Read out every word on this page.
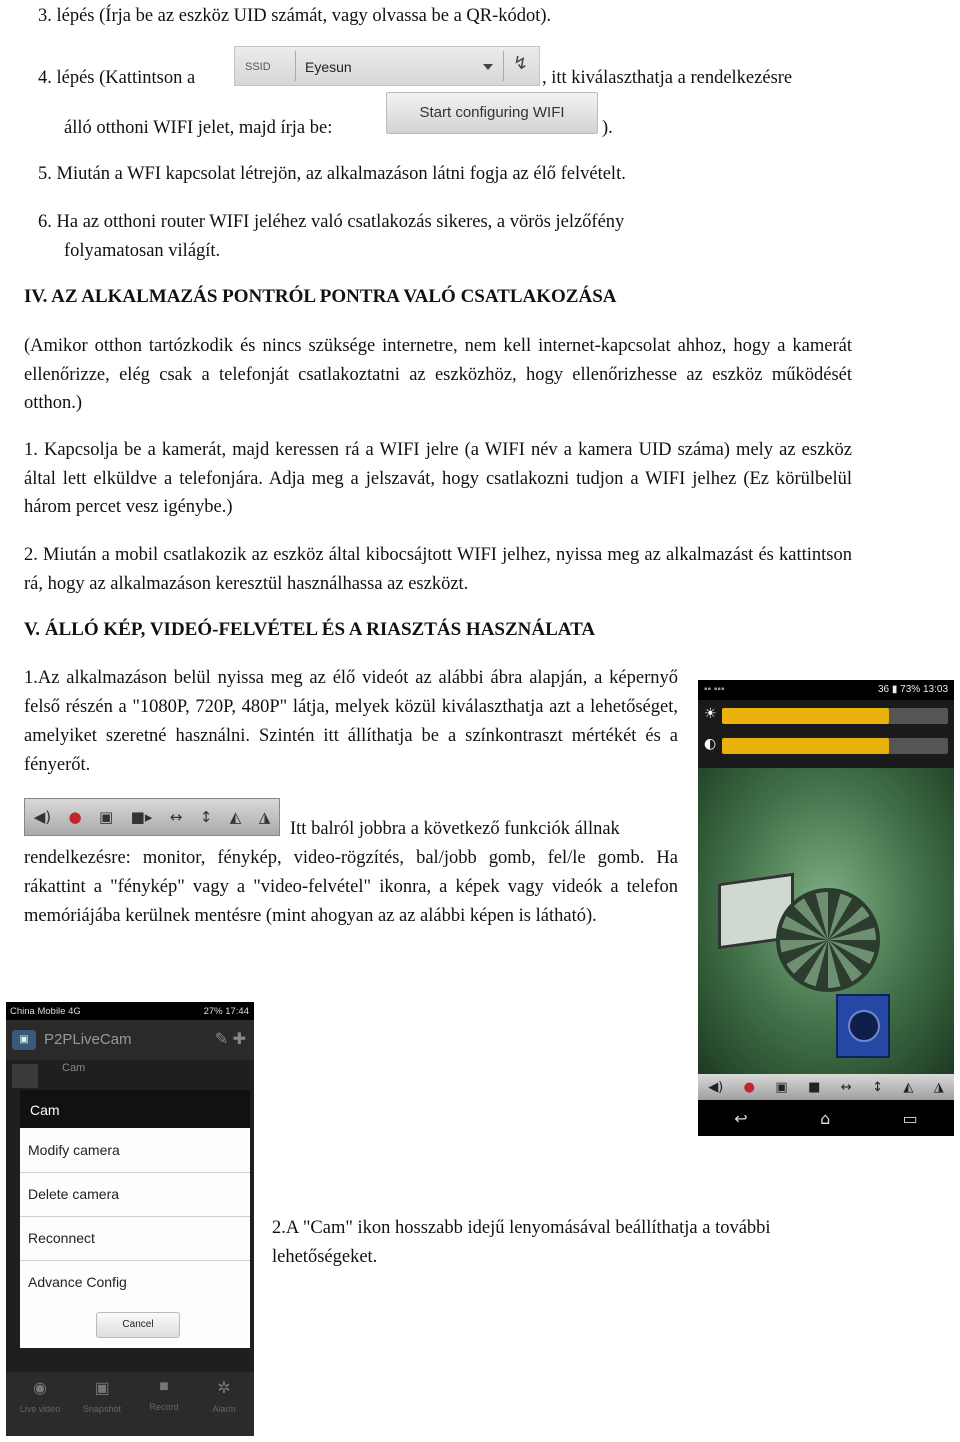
3. lépés (Írja be az eszköz UID számát, vagy olvassa be a QR-kódot).
4. lépés (Kattintson a
SSID Eyesun	↯
, itt kiválaszthatja a rendelkezésre
álló otthoni WIFI jelet, majd írja be:
Start configuring WIFI
).
5. Miután a WFI kapcsolat létrejön, az alkalmazáson látni fogja az élő felvételt.
6. Ha az otthoni router WIFI jeléhez való csatlakozás sikeres, a vörös jelzőfény
folyamatosan világít.
IV. AZ ALKALMAZÁS PONTRÓL PONTRA VALÓ CSATLAKOZÁSA
(Amikor otthon tartózkodik és nincs szüksége internetre, nem kell internet-kapcsolat ahhoz, hogy a kamerát ellenőrizze, elég csak a telefonját csatlakoztatni az eszközhöz, hogy ellenőrizhesse az eszköz működését otthon.)
1. Kapcsolja be a kamerát, majd keressen rá a WIFI jelre (a WIFI név a kamera UID száma) mely az eszköz által lett elküldve a telefonjára. Adja meg a jelszavát, hogy csatlakozni tudjon a WIFI jelhez (Ez körülbelül három percet vesz igénybe.)
2. Miután a mobil csatlakozik az eszköz által kibocsájtott WIFI jelhez, nyissa meg az alkalmazást és kattintson rá, hogy az alkalmazáson keresztül használhassa az eszközt.
V. ÁLLÓ KÉP, VIDEÓ-FELVÉTEL ÉS A RIASZTÁS HASZNÁLATA
1.Az alkalmazáson belül nyissa meg az élő videót az alábbi ábra alapján, a képernyő felső részén a "1080P, 720P, 480P" látja, melyek közül kiválaszthatja azt a lehetőséget, amelyiket szeretné használni. Szintén itt állíthatja be a színkontraszt mértékét és a fényerőt.
◀) ● ▣ ■▸ ↔ ↕ ◭ ◮
Itt balról jobbra a következő funkciók állnak
rendelkezésre: monitor, fénykép, video-rögzítés, bal/jobb gomb, fel/le gomb. Ha rákattint a "fénykép" vagy a "video-felvétel" ikonra, a képek vagy videók a telefon memóriájába kerülnek mentésre (mint ahogyan az az alábbi képen is látható).
▪▪ ▪▪▪	36 ▮ 73% 13:03
☀
◐
◀) ● ▣ ■ ↔ ↕ ◭ ◮
↩	⌂	▭
China Mobile 4G	27% 17:44
▣	P2PLiveCam	✎ ✚
Cam
Cam
Modify camera
Delete camera
Reconnect
Advance Config
Cancel
◉
Live video
▣
Snapshot
■
Record
✲
Alarm
2.A "Cam" ikon hosszabb idejű lenyomásával beállíthatja a további lehetőségeket.
